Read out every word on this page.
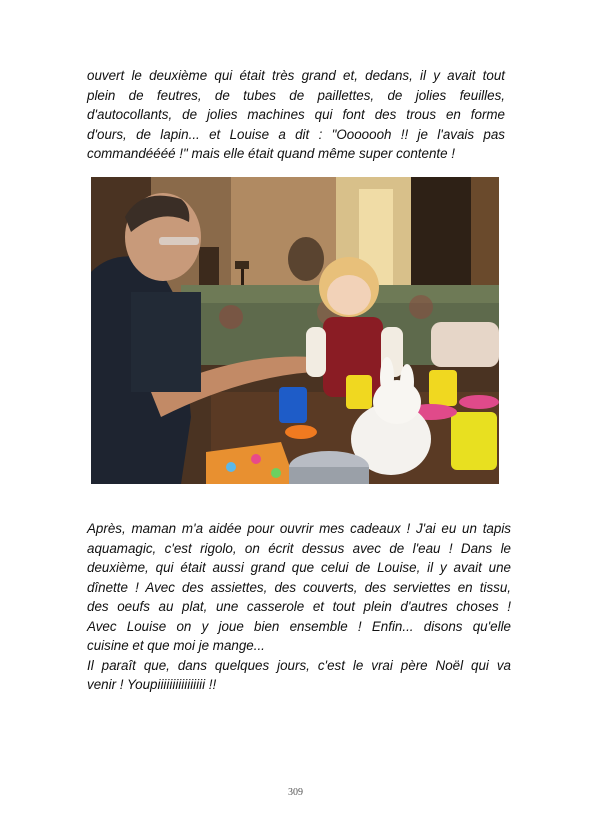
ouvert le deuxième qui était très grand et, dedans, il y avait tout
plein de feutres, de tubes de paillettes, de jolies feuilles,
d'autocollants, de jolies machines qui font des trous en forme
d'ours, de lapin... et Louise a dit : "Ooooooh !! je l'avais pas
commandéééé !" mais elle était quand même super contente !
Après, maman m'a aidée pour ouvrir mes cadeaux ! J'ai eu un tapis
aquamagic, c'est rigolo, on écrit dessus avec de l'eau ! Dans le
deuxième, qui était aussi grand que celui de Louise, il y avait une
dînette ! Avec des assiettes, des couverts, des serviettes en tissu,
des oeufs au plat, une casserole et tout plein d'autres choses !
Avec Louise on y joue bien ensemble ! Enfin... disons qu'elle
cuisine et que moi je mange...
Il paraît que, dans quelques jours, c'est le vrai père Noël qui va
venir ! Youpiiiiiiiiiiiiiiii !!
309
